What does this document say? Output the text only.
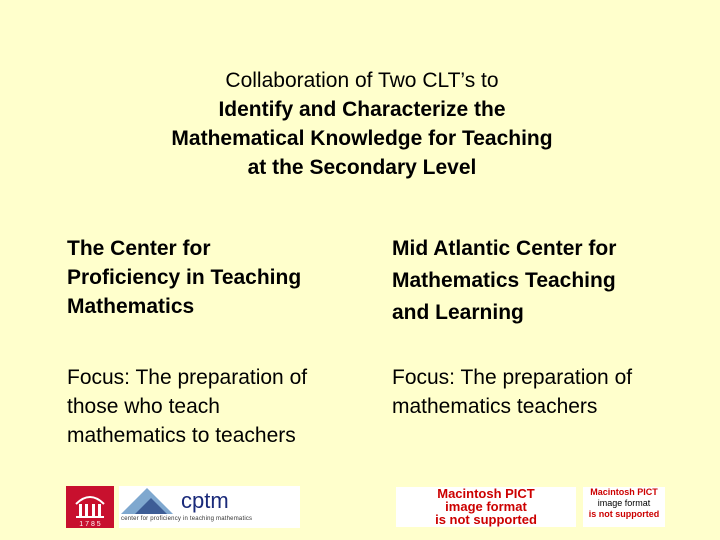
Collaboration of Two CLT’s to
Identify and Characterize the
Mathematical Knowledge for Teaching
at the Secondary Level
The Center for
Proficiency in Teaching
Mathematics
Mid Atlantic Center for
Mathematics Teaching
and Learning
Focus: The preparation of
those who teach
mathematics to teachers
Focus: The preparation of
mathematics teachers
1 7 8 5
cptm
center for proficiency in teaching mathematics
Macintosh PICT
image format
is not supported
Macintosh PICT
image format
is not supported
